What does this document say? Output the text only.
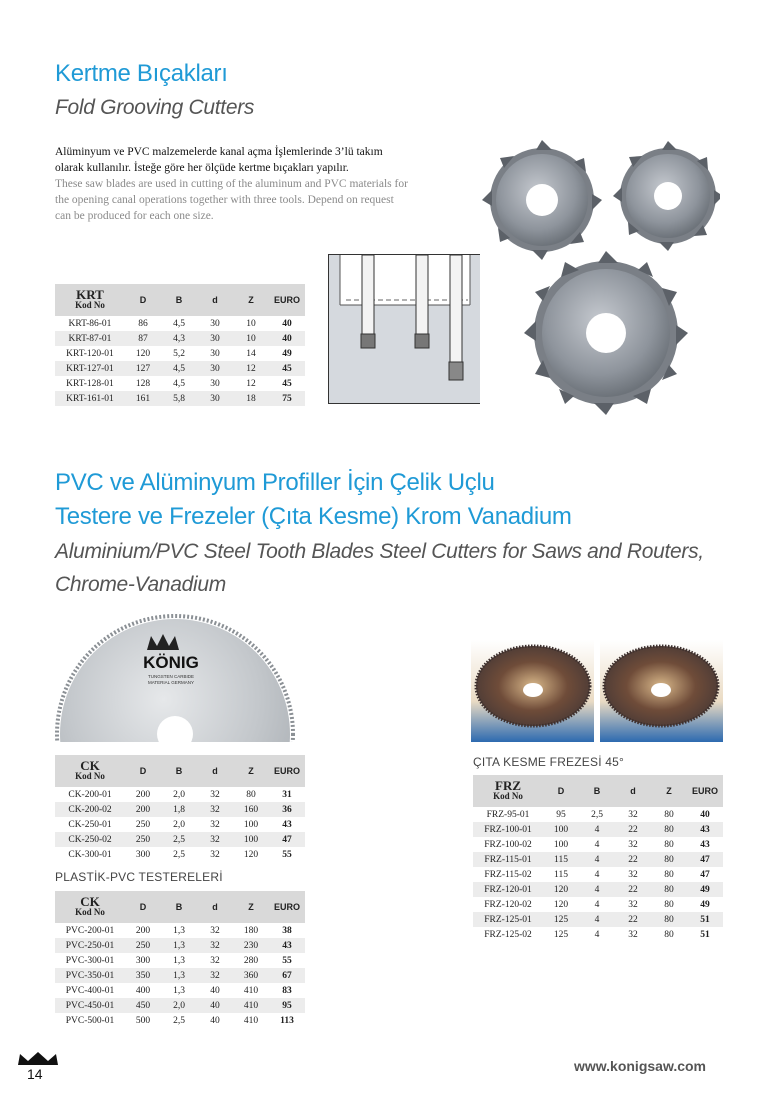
Kertme Bıçakları
Fold Grooving Cutters
Alüminyum ve PVC malzemelerde kanal açma İşlemlerinde 3’lü takım
olarak kullanılır. İsteğe göre her ölçüde kertme bıçakları yapılır.
These saw blades are used in cutting of the aluminum and PVC materials for
the opening canal operations together with three tools. Depend on request
can be produced for each one size.
KRT
Kod No	D	B	d	Z	EURO
KRT-86-01	86	4,5	30	10	40
KRT-87-01	87	4,3	30	10	40
KRT-120-01	120	5,2	30	14	49
KRT-127-01	127	4,5	30	12	45
KRT-128-01	128	4,5	30	12	45
KRT-161-01	161	5,8	30	18	75
PVC ve Alüminyum Profiller İçin Çelik Uçlu
Testere ve Frezeler (Çıta Kesme) Krom Vanadium
Aluminium/PVC Steel Tooth Blades Steel Cutters for Saws and Routers,
Chrome-Vanadium
KÖNIG
TUNGSTEN CARBIDE
MATERIAL GERMANY
CK
Kod No	D	B	d	Z	EURO
CK-200-01	200	2,0	32	80	31
CK-200-02	200	1,8	32	160	36
CK-250-01	250	2,0	32	100	43
CK-250-02	250	2,5	32	100	47
CK-300-01	300	2,5	32	120	55
PLASTİK-PVC TESTERELERİ
CK
Kod No	D	B	d	Z	EURO
PVC-200-01	200	1,3	32	180	38
PVC-250-01	250	1,3	32	230	43
PVC-300-01	300	1,3	32	280	55
PVC-350-01	350	1,3	32	360	67
PVC-400-01	400	1,3	40	410	83
PVC-450-01	450	2,0	40	410	95
PVC-500-01	500	2,5	40	410	113
ÇITA KESME FREZESİ 45°
FRZ
Kod No	D	B	d	Z	EURO
FRZ-95-01	95	2,5	32	80	40
FRZ-100-01	100	4	22	80	43
FRZ-100-02	100	4	32	80	43
FRZ-115-01	115	4	22	80	47
FRZ-115-02	115	4	32	80	47
FRZ-120-01	120	4	22	80	49
FRZ-120-02	120	4	32	80	49
FRZ-125-01	125	4	22	80	51
FRZ-125-02	125	4	32	80	51
14	www.konigsaw.com
